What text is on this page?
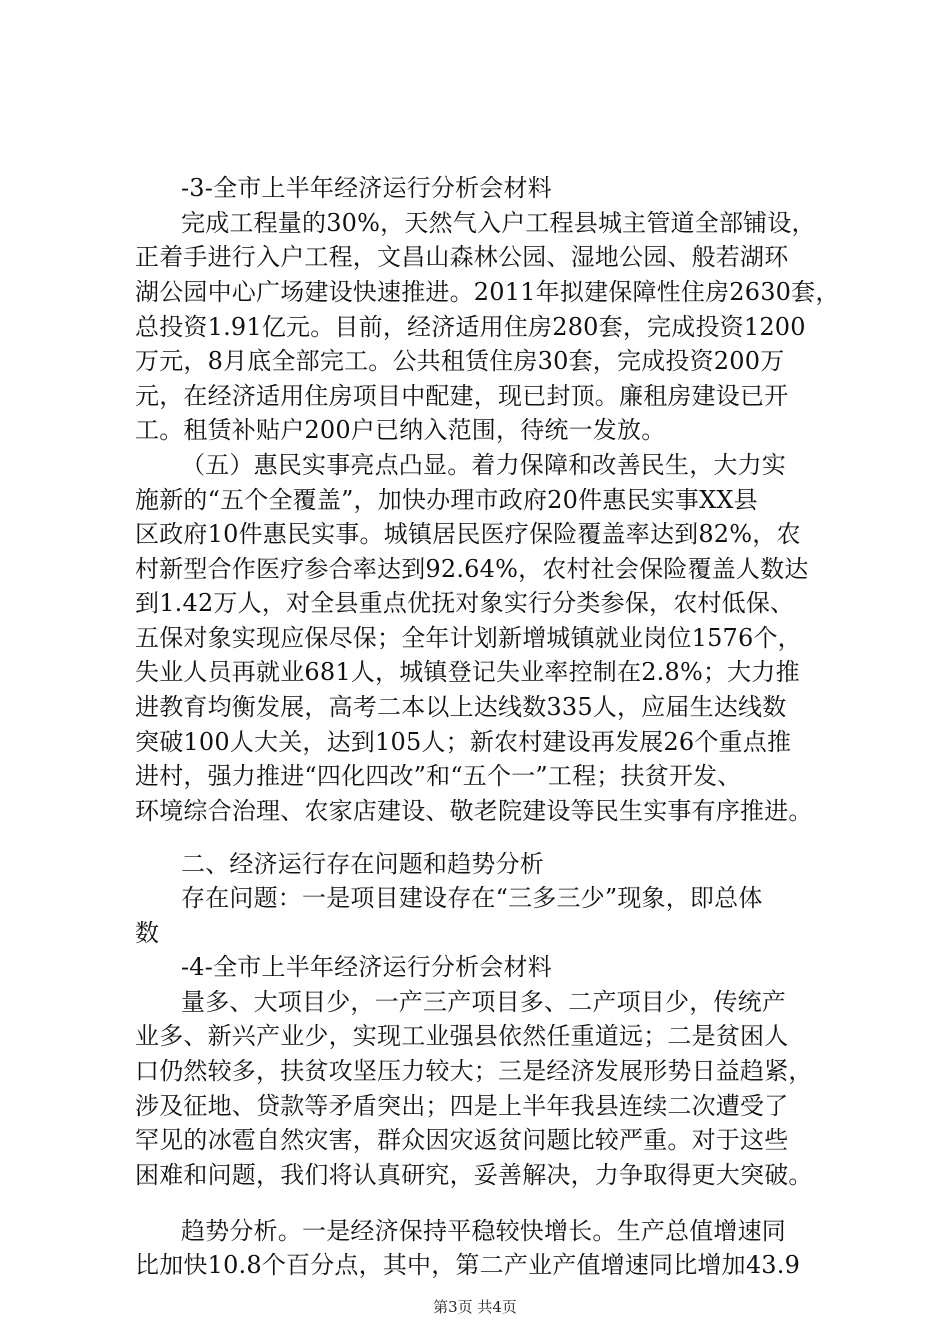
-3-全市上半年经济运行分析会材料
完成工程量的30%，天然气入户工程县城主管道全部铺设，
正着手进行入户工程，文昌山森林公园、湿地公园、般若湖环
湖公园中心广场建设快速推进。2011年拟建保障性住房2630套，
总投资1.91亿元。目前，经济适用住房280套，完成投资1200
万元，8月底全部完工。公共租赁住房30套，完成投资200万
元，在经济适用住房项目中配建，现已封顶。廉租房建设已开
工。租赁补贴户200户已纳入范围，待统一发放。
（五）惠民实事亮点凸显。着力保障和改善民生，大力实
施新的“五个全覆盖”，加快办理市政府20件惠民实事XX县
区政府10件惠民实事。城镇居民医疗保险覆盖率达到82%，农
村新型合作医疗参合率达到92.64%，农村社会保险覆盖人数达
到1.42万人，对全县重点优抚对象实行分类参保，农村低保、
五保对象实现应保尽保；全年计划新增城镇就业岗位1576个，
失业人员再就业681人，城镇登记失业率控制在2.8%；大力推
进教育均衡发展，高考二本以上达线数335人，应届生达线数
突破100人大关，达到105人；新农村建设再发展26个重点推
进村，强力推进“四化四改”和“五个一”工程；扶贫开发、
环境综合治理、农家店建设、敬老院建设等民生实事有序推进。
二、经济运行存在问题和趋势分析
存在问题：一是项目建设存在“三多三少”现象，即总体
数
-4-全市上半年经济运行分析会材料
量多、大项目少，一产三产项目多、二产项目少，传统产
业多、新兴产业少，实现工业强县依然任重道远；二是贫困人
口仍然较多，扶贫攻坚压力较大；三是经济发展形势日益趋紧，
涉及征地、贷款等矛盾突出；四是上半年我县连续二次遭受了
罕见的冰雹自然灾害，群众因灾返贫问题比较严重。对于这些
困难和问题，我们将认真研究，妥善解决，力争取得更大突破。
趋势分析。一是经济保持平稳较快增长。生产总值增速同
比加快10.8个百分点，其中，第二产业产值增速同比增加43.9
第3页 共4页
